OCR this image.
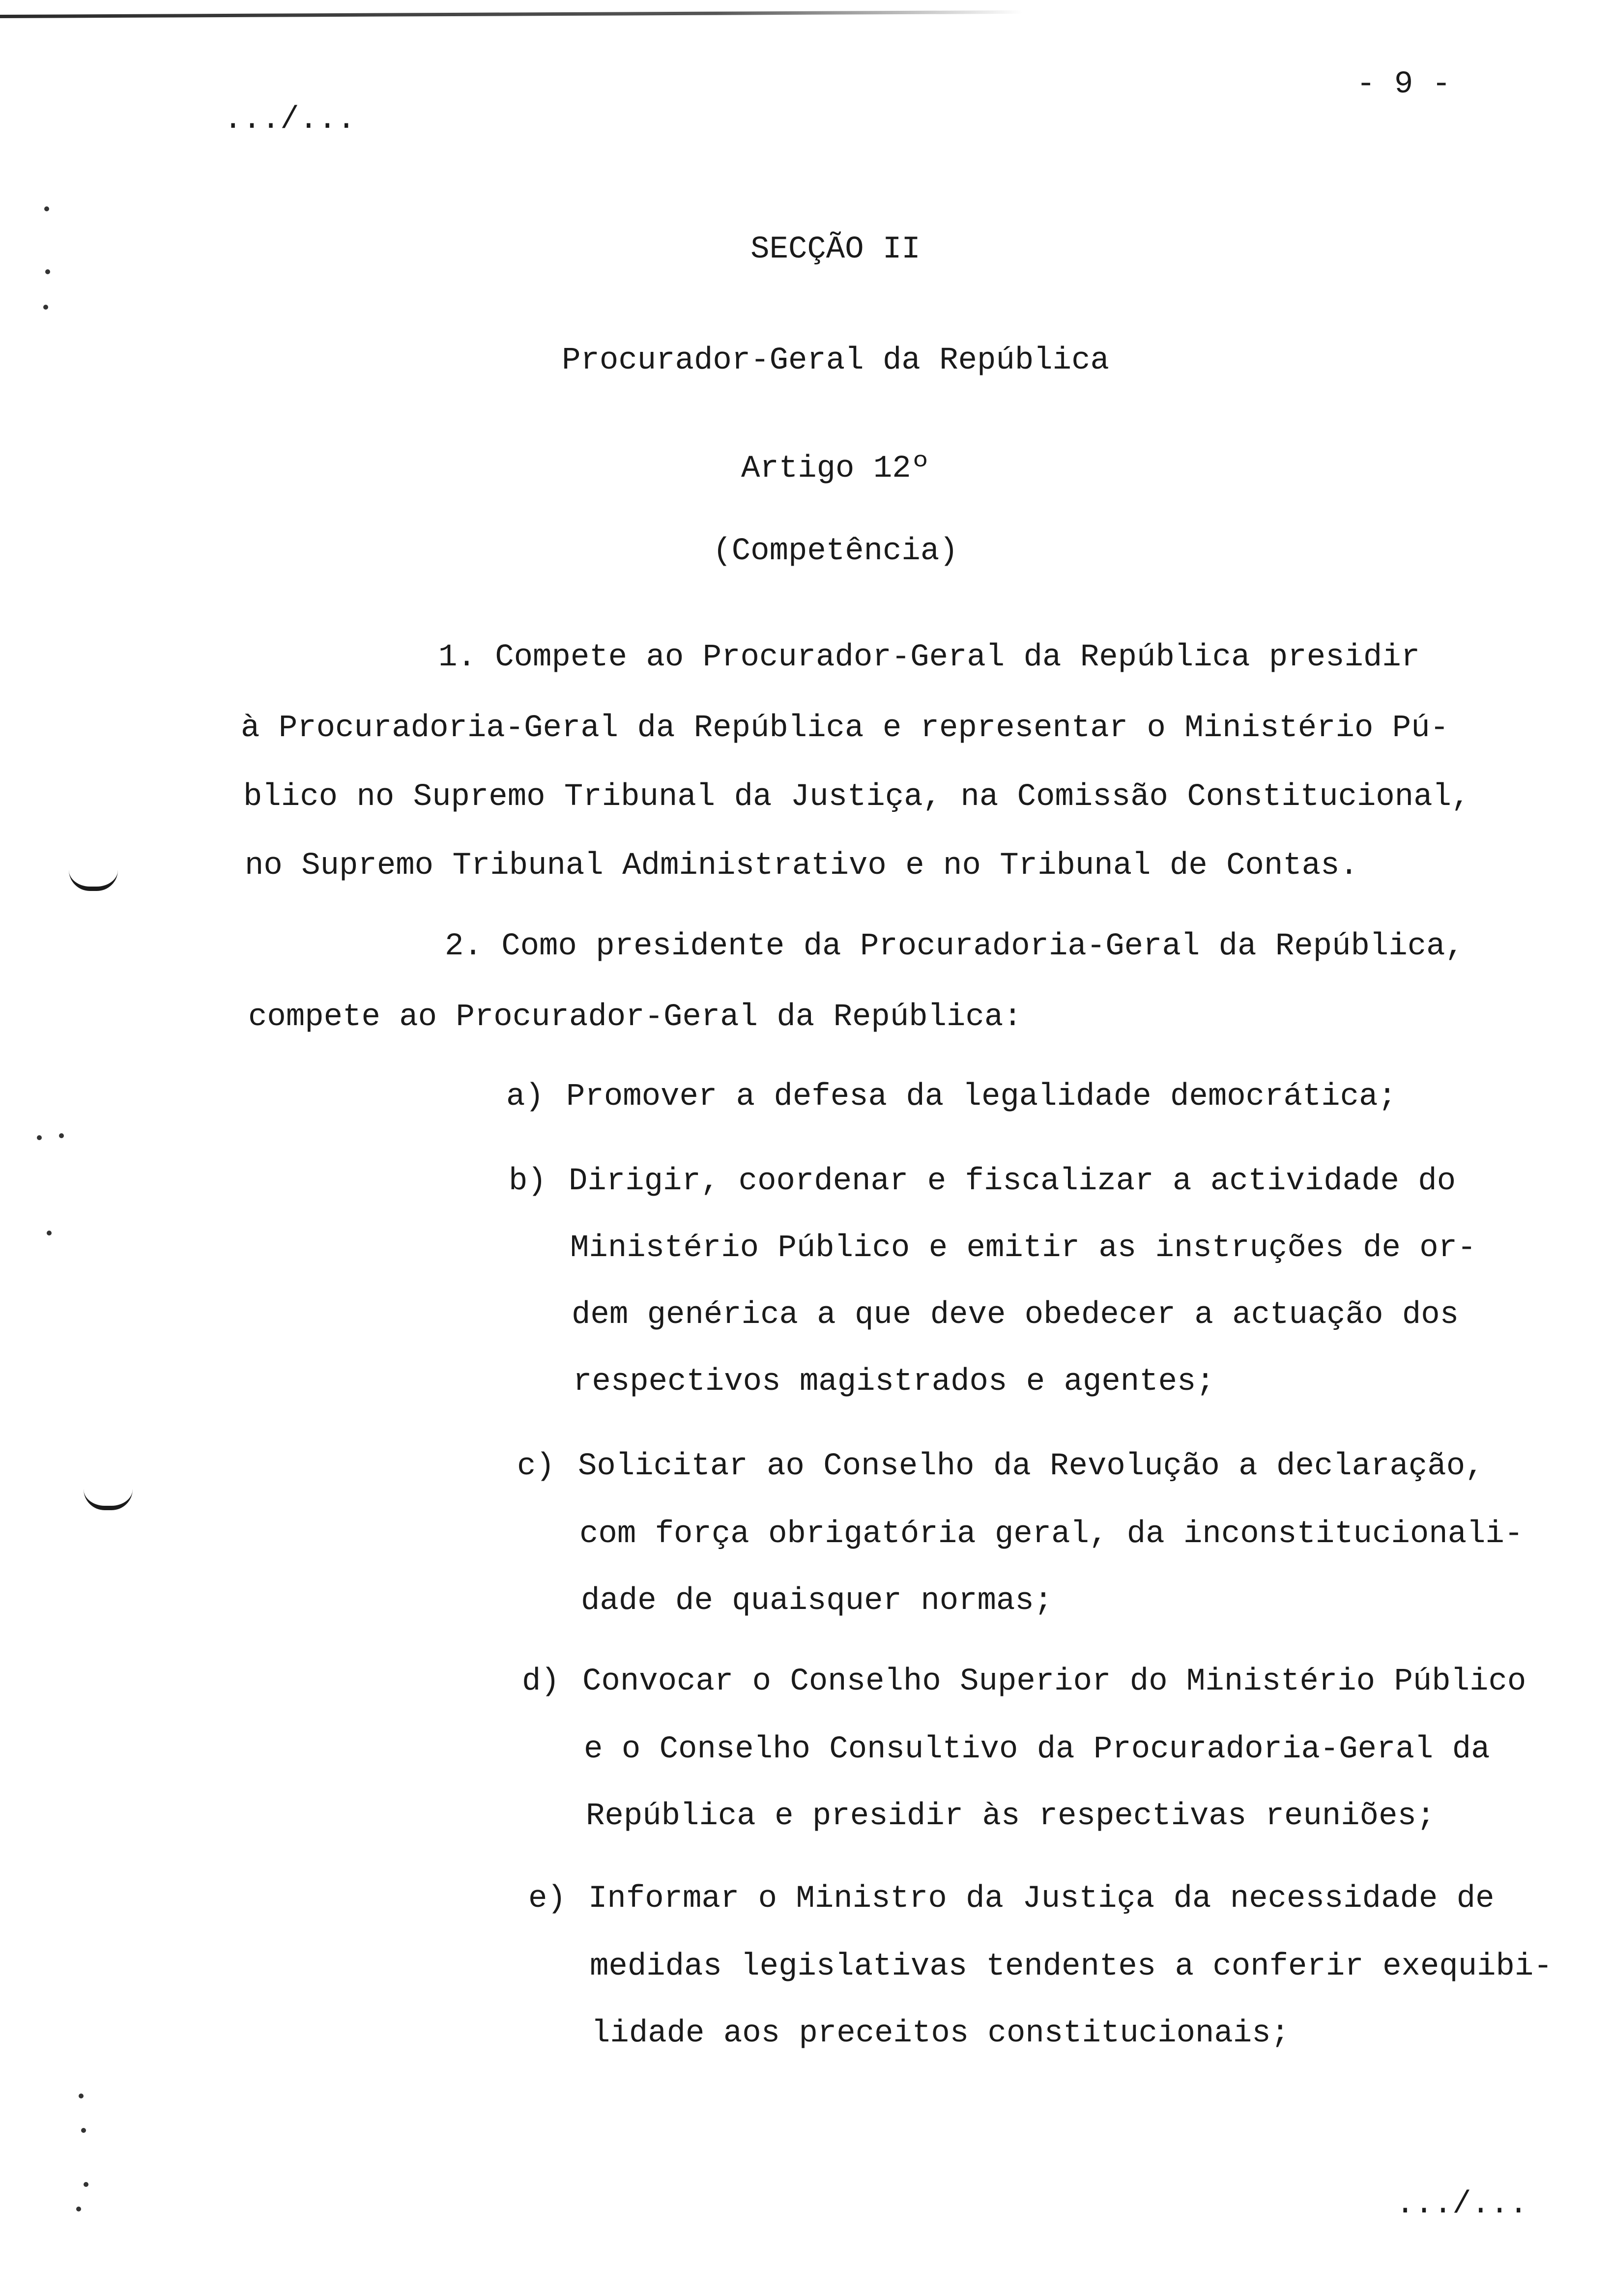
.../...
- 9 -
SECÇÃO II
Procurador-Geral da República
Artigo 12º
(Competência)
1. Compete ao Procurador-Geral da República presidir
à Procuradoria-Geral da República e representar o Ministério Pú-
blico no Supremo Tribunal da Justiça, na Comissão Constitucional,
no Supremo Tribunal Administrativo e no Tribunal de Contas.
2. Como presidente da Procuradoria-Geral da República,
compete ao Procurador-Geral da República:
a) Promover a defesa da legalidade democrática;
b) Dirigir, coordenar e fiscalizar a actividade do
Ministério Público e emitir as instruções de or-
dem genérica a que deve obedecer a actuação dos
respectivos magistrados e agentes;
c) Solicitar ao Conselho da Revolução a declaração,
com força obrigatória geral, da inconstitucionali-
dade de quaisquer normas;
d) Convocar o Conselho Superior do Ministério Público
e o Conselho Consultivo da Procuradoria-Geral da
República e presidir às respectivas reuniões;
e) Informar o Ministro da Justiça da necessidade de
medidas legislativas tendentes a conferir exequibi-
lidade aos preceitos constitucionais;
.../...
